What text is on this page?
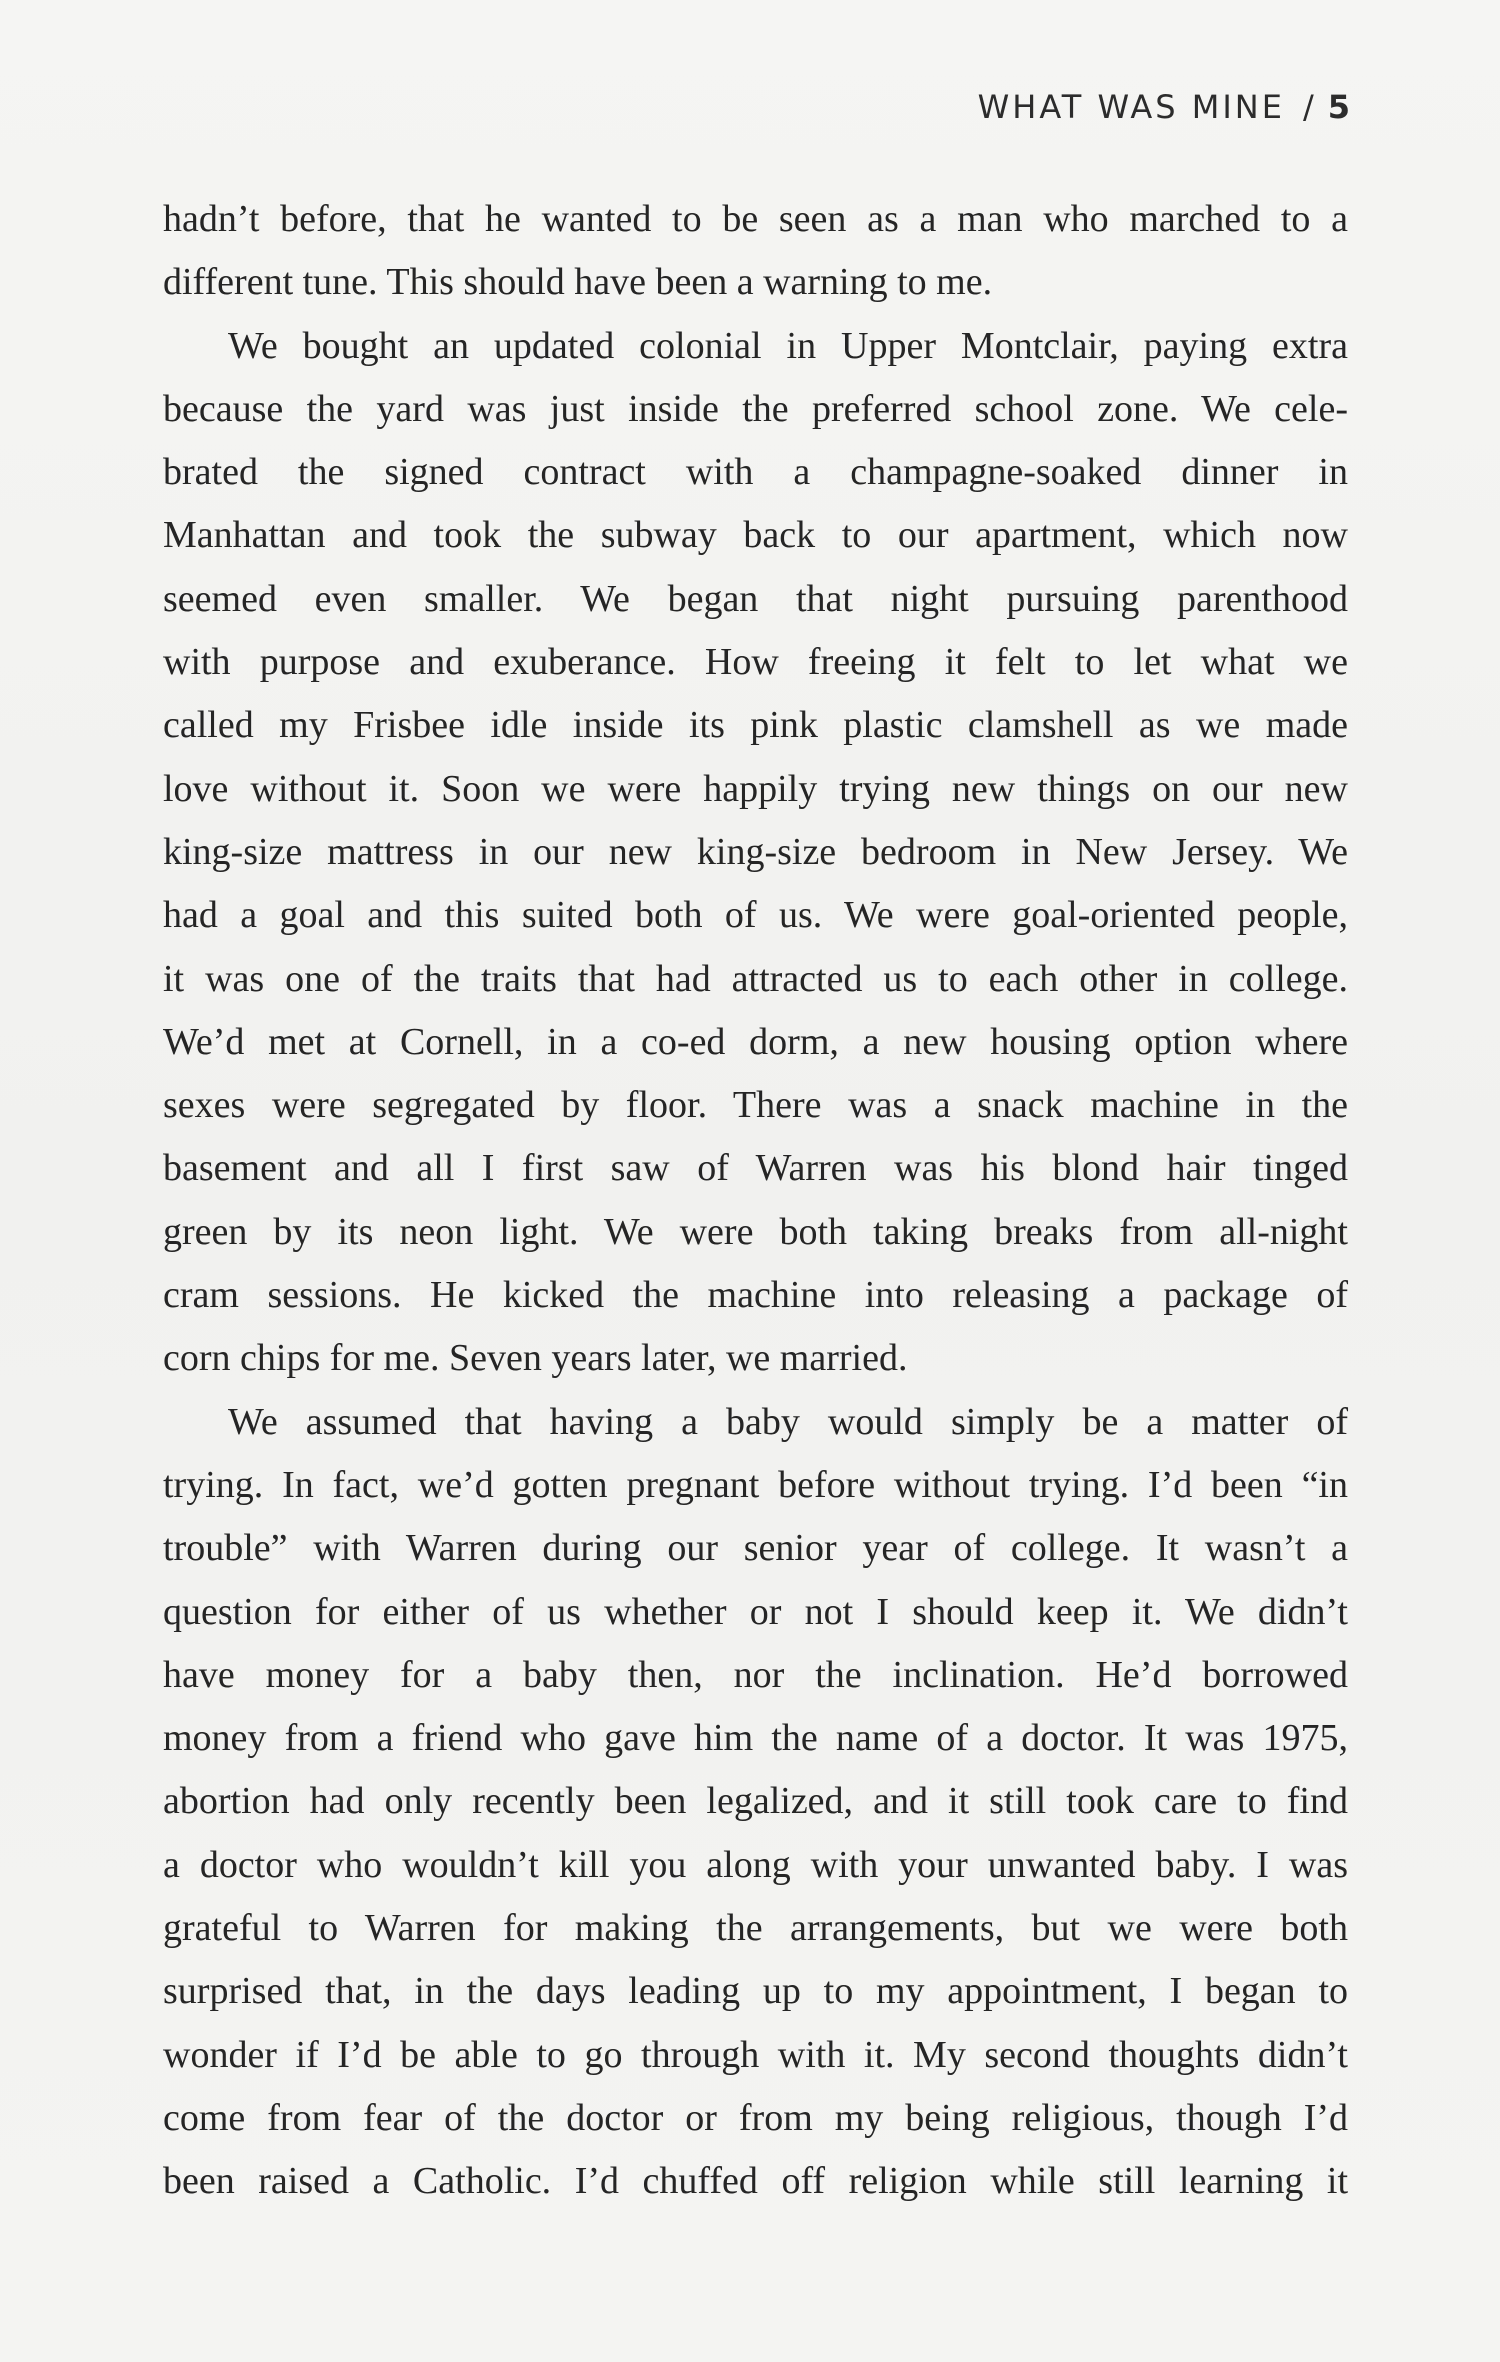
WHAT WAS MINE / 5
hadn’t before, that he wanted to be seen as a man who marched to a
different tune. This should have been a warning to me.
We bought an updated colonial in Upper Montclair, paying extra
because the yard was just inside the preferred school zone. We cele-
brated the signed contract with a champagne-soaked dinner in
Manhattan and took the subway back to our apartment, which now
seemed even smaller. We began that night pursuing parenthood
with purpose and exuberance. How freeing it felt to let what we
called my Frisbee idle inside its pink plastic clamshell as we made
love without it. Soon we were happily trying new things on our new
king-size mattress in our new king-size bedroom in New Jersey. We
had a goal and this suited both of us. We were goal-oriented people,
it was one of the traits that had attracted us to each other in college.
We’d met at Cornell, in a co-ed dorm, a new housing option where
sexes were segregated by floor. There was a snack machine in the
basement and all I first saw of Warren was his blond hair tinged
green by its neon light. We were both taking breaks from all-night
cram sessions. He kicked the machine into releasing a package of
corn chips for me. Seven years later, we married.
We assumed that having a baby would simply be a matter of
trying. In fact, we’d gotten pregnant before without trying. I’d been “in
trouble” with Warren during our senior year of college. It wasn’t a
question for either of us whether or not I should keep it. We didn’t
have money for a baby then, nor the inclination. He’d borrowed
money from a friend who gave him the name of a doctor. It was 1975,
abortion had only recently been legalized, and it still took care to find
a doctor who wouldn’t kill you along with your unwanted baby. I was
grateful to Warren for making the arrangements, but we were both
surprised that, in the days leading up to my appointment, I began to
wonder if I’d be able to go through with it. My second thoughts didn’t
come from fear of the doctor or from my being religious, though I’d
been raised a Catholic. I’d chuffed off religion while still learning it
